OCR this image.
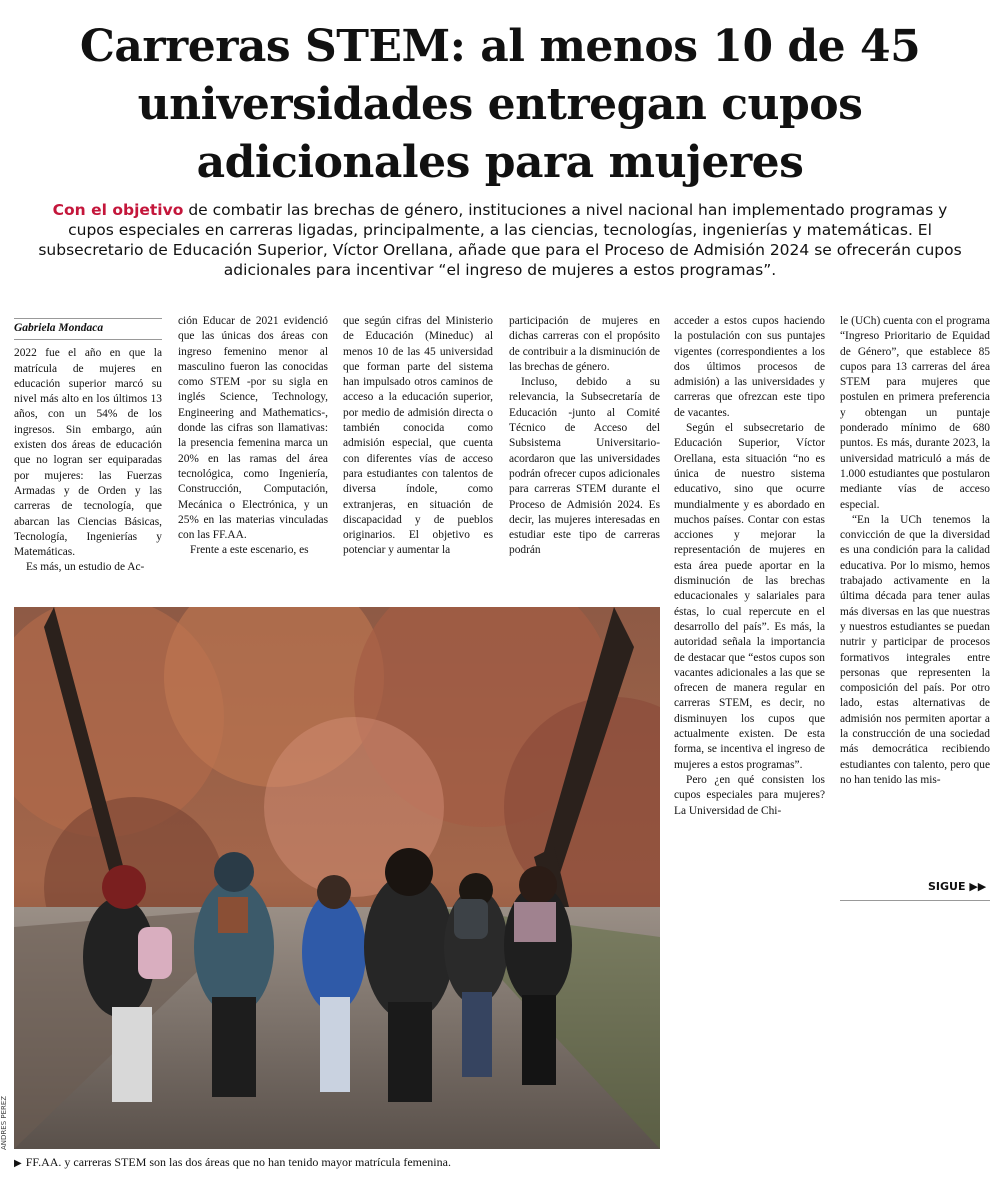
Carreras STEM: al menos 10 de 45 universidades entregan cupos adicionales para mujeres

Con el objetivo de combatir las brechas de género, instituciones a nivel nacional han implementado programas y cupos especiales en carreras ligadas, principalmente, a las ciencias, tecnologías, ingenierías y matemáticas. El subsecretario de Educación Superior, Víctor Orellana, añade que para el Proceso de Admisión 2024 se ofrecerán cupos adicionales para incentivar “el ingreso de mujeres a estos programas”.

Gabriela Mondaca

2022 fue el año en que la matrícula de mujeres en educación superior marcó su nivel más alto en los últimos 13 años, con un 54% de los ingresos. Sin embargo, aún existen dos áreas de educación que no logran ser equiparadas por mujeres: las Fuerzas Armadas y de Orden y las carreras de tecnología, que abarcan las Ciencias Básicas, Tecnología, Ingenierías y Matemáticas.

Es más, un estudio de Ac-

ción Educar de 2021 evidenció que las únicas dos áreas con ingreso femenino menor al masculino fueron las conocidas como STEM -por su sigla en inglés Science, Technology, Engineering and Mathematics-, donde las cifras son llamativas: la presencia femenina marca un 20% en las ramas del área tecnológica, como Ingeniería, Construcción, Computación, Mecánica o Electrónica, y un 25% en las materias vinculadas con las FF.AA.

Frente a este escenario, es

que según cifras del Ministerio de Educación (Mineduc) al menos 10 de las 45 universidad que forman parte del sistema han impulsado otros caminos de acceso a la educación superior, por medio de admisión directa o también conocida como admisión especial, que cuenta con diferentes vías de acceso para estudiantes con talentos de diversa índole, como extranjeras, en situación de discapacidad y de pueblos originarios. El objetivo es potenciar y aumentar la

participación de mujeres en dichas carreras con el propósito de contribuir a la disminución de las brechas de género.

Incluso, debido a su relevancia, la Subsecretaría de Educación -junto al Comité Técnico de Acceso del Subsistema Universitario- acordaron que las universidades podrán ofrecer cupos adicionales para carreras STEM durante el Proceso de Admisión 2024. Es decir, las mujeres interesadas en estudiar este tipo de carreras podrán

acceder a estos cupos haciendo la postulación con sus puntajes vigentes (correspondientes a los dos últimos procesos de admisión) a las universidades y carreras que ofrezcan este tipo de vacantes.

Según el subsecretario de Educación Superior, Víctor Orellana, esta situación “no es única de nuestro sistema educativo, sino que ocurre mundialmente y es abordado en muchos países. Contar con estas acciones y mejorar la representación de mujeres en esta área puede aportar en la disminución de las brechas educacionales y salariales para éstas, lo cual repercute en el desarrollo del país”. Es más, la autoridad señala la importancia de destacar que “estos cupos son vacantes adicionales a las que se ofrecen de manera regular en carreras STEM, es decir, no disminuyen los cupos que actualmente existen. De esta forma, se incentiva el ingreso de mujeres a estos programas”.

Pero ¿en qué consisten los cupos especiales para mujeres? La Universidad de Chi-

le (UCh) cuenta con el programa “Ingreso Prioritario de Equidad de Género”, que establece 85 cupos para 13 carreras del área STEM para mujeres que postulen en primera preferencia y obtengan un puntaje ponderado mínimo de 680 puntos. Es más, durante 2023, la universidad matriculó a más de 1.000 estudiantes que postularon mediante vías de acceso especial.

“En la UCh tenemos la convicción de que la diversidad es una condición para la calidad educativa. Por lo mismo, hemos trabajado activamente en la última década para tener aulas más diversas en las que nuestras y nuestros estudiantes se puedan nutrir y participar de procesos formativos integrales entre personas que representen la composición del país. Por otro lado, estas alternativas de admisión nos permiten aportar a la construcción de una sociedad más democrática recibiendo estudiantes con talento, pero que no han tenido las mis-

SIGUE ▶▶
ANDRES PEREZ
▶ FF.AA. y carreras STEM son las dos áreas que no han tenido mayor matrícula femenina.
